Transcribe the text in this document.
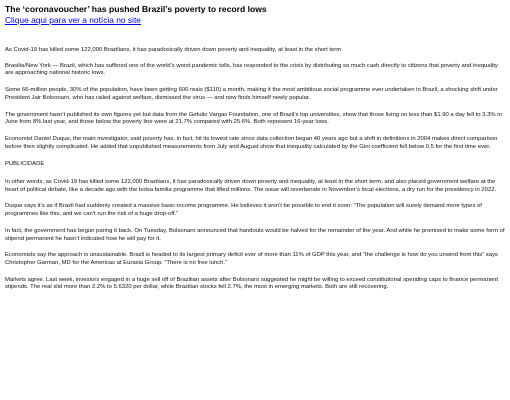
The ‘coronavoucher’ has pushed Brazil’s poverty to record lows
Clique aqui para ver a notícia no site

As Covid-19 has killed some 122,000 Brazilians, it has paradoxically driven down poverty and inequality, at least in the short term

Brasilia/New York — Brazil, which has suffered one of the world’s worst pandemic tolls, has responded to the crisis by distributing so much cash directly to citizens that poverty and inequality are approaching national historic lows.

Some 66-million people, 30% of the population, have been getting 600 reais ($110) a month, making it the most ambitious social programme ever undertaken in Brazil, a shocking shift under President Jair Bolsonaro, who has railed against welfare, dismissed the virus — and now finds himself newly popular.

The government hasn’t published its own figures yet but data from the Getulio Vargas Foundation, one of Brazil’s top universities, show that those living on less than $1.90 a day fell to 3.3% in June from 8% last year, and those below the poverty line were at 21.7% compared with 25.6%. Both represent 16-year lows.

Economist Daniel Duque, the main investigator, said poverty has, in fact, hit its lowest rate since data collection began 40 years ago but a shift in definitions in 2004 makes direct comparison before then slightly complicated. He added that unpublished measurements from July and August show that inequality calculated by the Gini coefficient fell below 0.5 for the first time ever.

PUBLICIDADE

In other words, as Covid-19 has killed some 122,000 Brazilians, it has paradoxically driven down poverty and inequality, at least in the short term, and also placed government welfare at the heart of political debate, like a decade ago with the bolsa familia programme that lifted millions. The issue will reverberate in November’s local elections, a dry run for the presidency in 2022.

Duque says it’s as if Brazil had suddenly created a massive basic-income programme. He believes it won’t be possible to end it soon: “The population will surely demand more types of programmes like this, and we can’t run the risk of a huge drop-off.”

In fact, the government has begun paring it back. On Tuesday, Bolsonaro announced that handouts would be halved for the remainder of the year. And while he promised to make some form of stipend permanent he hasn’t indicated how he will pay for it.

Economists say the approach is unsustainable. Brazil is headed to its largest primary deficit ever of more than 11% of GDP this year, and “the challenge is how do you unwind from this” says Christopher Garman, MD for the Americas at Eurasia Group. “There is no free lunch.”

Markets agree. Last week, investors engaged in a huge sell off of Brazilian assets after Bolsonaro suggested he might be willing to exceed constitutional spending caps to finance permanent stipends. The real slid more than 2.2% to 5.6320 per dollar, while Brazilian stocks fell 2.7%, the most in emerging markets. Both are still recovering.
